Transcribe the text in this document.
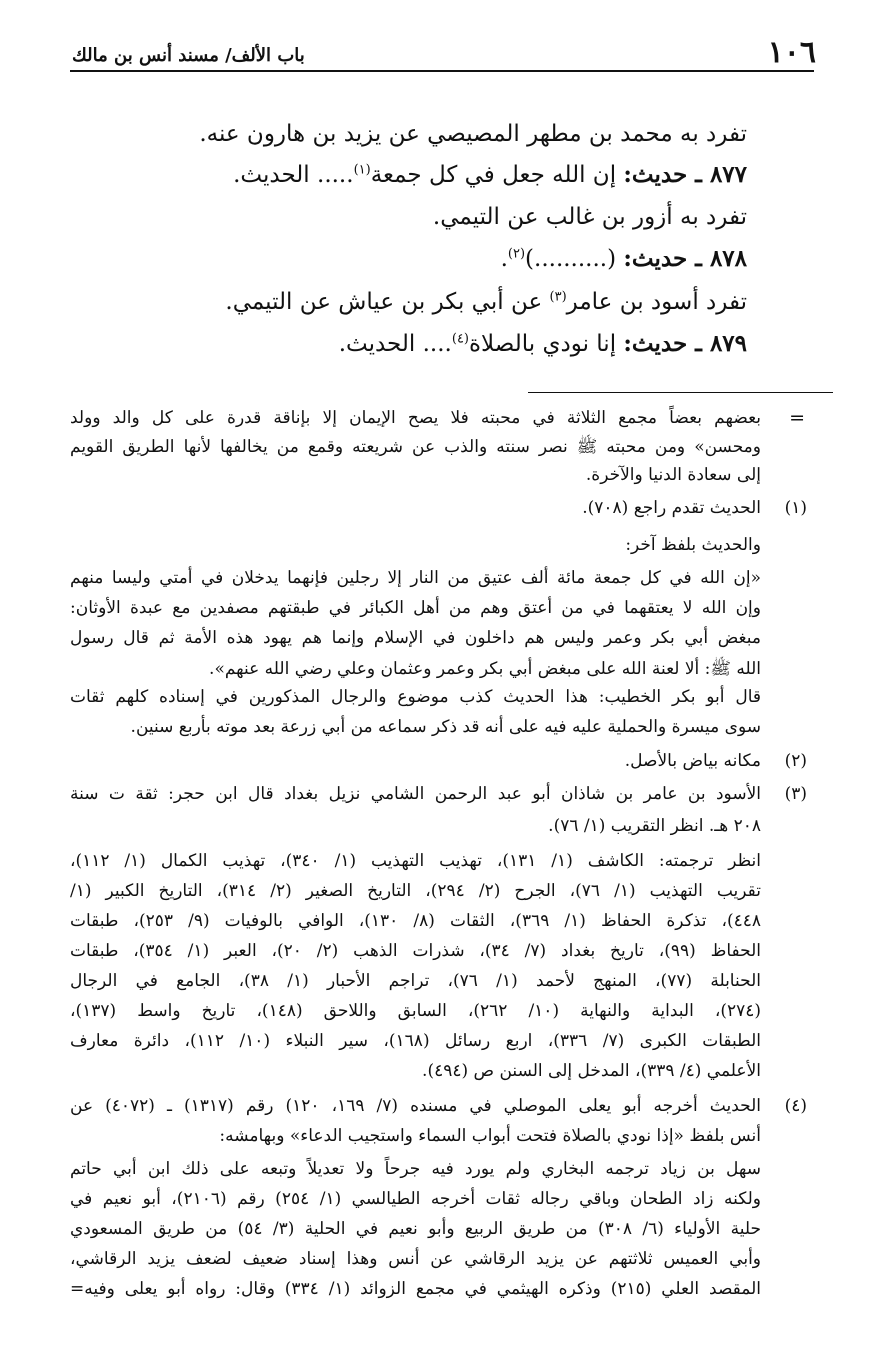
١٠٦
باب الألف/ مسند أنس بن مالك
تفرد به محمد بن مطهر المصيصي عن يزيد بن هارون عنه.
٨٧٧ ـ حديث: إن الله جعل في كل جمعة$^{(١)}$..... الحديث.
تفرد به أزور بن غالب عن التيمي.
٨٧٨ ـ حديث: (..........)$^{(٢)}$.
تفرد أسود بن عامر$^{(٣)}$ عن أبي بكر بن عياش عن التيمي.
٨٧٩ ـ حديث: إنا نودي بالصلاة$^{(٤)}$.... الحديث.
=
بعضهم بعضاً مجمع الثلاثة في محبته فلا يصح الإيمان إلا بإناقة قدرة على كل والد وولد
ومحسن» ومن محبته ﷺ نصر سنته والذب عن شريعته وقمع من يخالفها لأنها الطريق القويم
إلى سعادة الدنيا والآخرة.
(١)
الحديث تقدم راجع (٧٠٨).
والحديث بلفظ آخر:
«إن الله في كل جمعة مائة ألف عتيق من النار إلا رجلين فإنهما يدخلان في أمتي وليسا منهم
وإن الله لا يعتقهما في من أعتق وهم من أهل الكبائر في طبقتهم مصفدين مع عبدة الأوثان:
مبغض أبي بكر وعمر وليس هم داخلون في الإسلام وإنما هم يهود هذه الأمة ثم قال رسول
الله ﷺ: ألا لعنة الله على مبغض أبي بكر وعمر وعثمان وعلي رضي الله عنهم».
قال أبو بكر الخطيب: هذا الحديث كذب موضوع والرجال المذكورين في إسناده كلهم ثقات
سوى ميسرة والحملية عليه فيه على أنه قد ذكر سماعه من أبي زرعة بعد موته بأربع سنين.
(٢)
مكانه بياض بالأصل.
(٣)
الأسود بن عامر بن شاذان أبو عبد الرحمن الشامي نزيل بغداد قال ابن حجر: ثقة ت سنة
٢٠٨ هـ. انظر التقريب (١/ ٧٦).
انظر ترجمته: الكاشف (١/ ١٣١)، تهذيب التهذيب (١/ ٣٤٠)، تهذيب الكمال (١/ ١١٢)،
تقريب التهذيب (١/ ٧٦)، الجرح (٢/ ٢٩٤)، التاريخ الصغير (٢/ ٣١٤)، التاريخ الكبير (١/
٤٤٨)، تذكرة الحفاظ (١/ ٣٦٩)، الثقات (٨/ ١٣٠)، الوافي بالوفيات (٩/ ٢٥٣)، طبقات
الحفاظ (٩٩)، تاريخ بغداد (٧/ ٣٤)، شذرات الذهب (٢/ ٢٠)، العبر (١/ ٣٥٤)، طبقات
الحنابلة (٧٧)، المنهج لأحمد (١/ ٧٦)، تراجم الأحبار (١/ ٣٨)، الجامع في الرجال
(٢٧٤)، البداية والنهاية (١٠/ ٢٦٢)، السابق واللاحق (١٤٨)، تاريخ واسط (١٣٧)،
الطبقات الكبرى (٧/ ٣٣٦)، اربع رسائل (١٦٨)، سير النبلاء (١٠/ ١١٢)، دائرة معارف
الأعلمي (٤/ ٣٣٩)، المدخل إلى السنن ص (٤٩٤).
(٤)
الحديث أخرجه أبو يعلى الموصلي في مسنده (٧/ ١٦٩، ١٢٠) رقم (١٣١٧) ـ (٤٠٧٢) عن
أنس بلفظ «إذا نودي بالصلاة فتحت أبواب السماء واستجيب الدعاء» وبهامشه:
سهل بن زياد ترجمه البخاري ولم يورد فيه جرحاً ولا تعديلاً وتبعه على ذلك ابن أبي حاتم
ولكنه زاد الطحان وباقي رجاله ثقات أخرجه الطيالسي (١/ ٢٥٤) رقم (٢١٠٦)، أبو نعيم في
حلية الأولياء (٦/ ٣٠٨) من طريق الربيع وأبو نعيم في الحلية (٣/ ٥٤) من طريق المسعودي
وأبي العميس ثلاثتهم عن يزيد الرقاشي عن أنس وهذا إسناد ضعيف لضعف يزيد الرقاشي،
المقصد العلي (٢١٥) وذكره الهيثمي في مجمع الزوائد (١/ ٣٣٤) وقال: رواه أبو يعلى وفيه=
